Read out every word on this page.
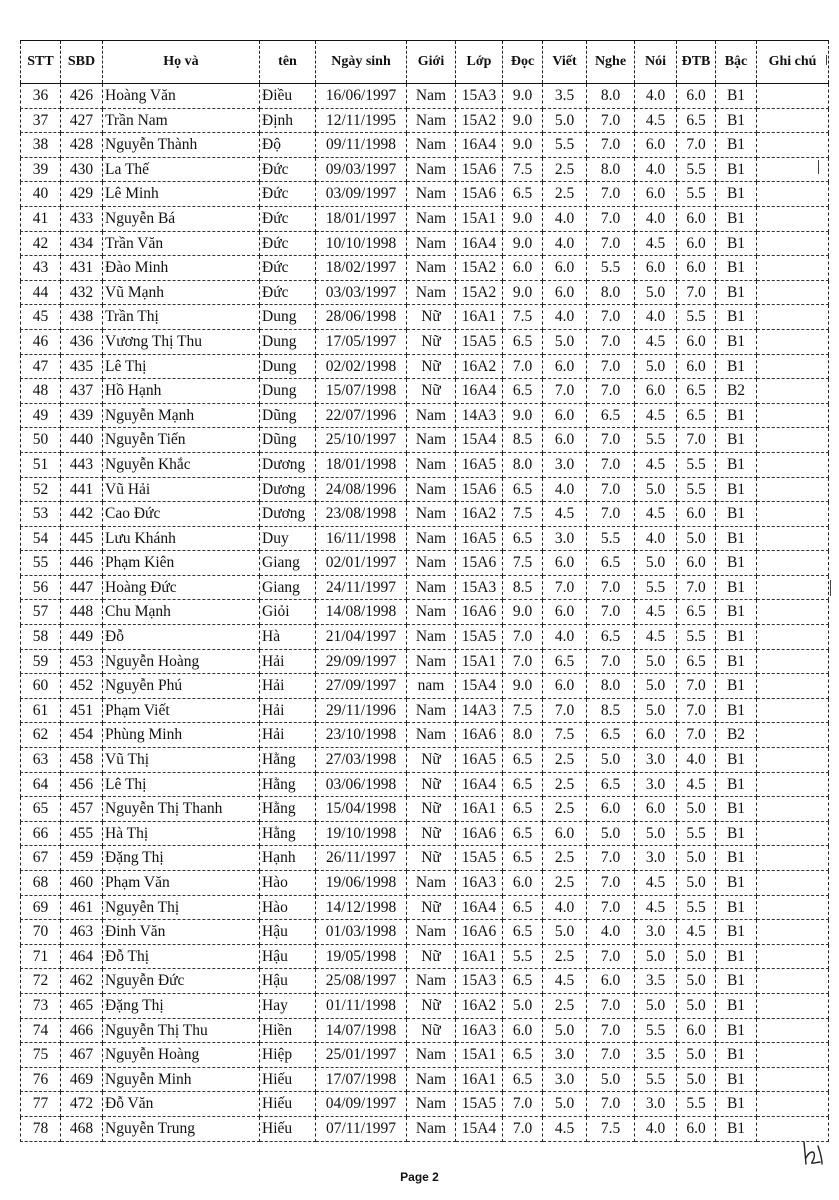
STT	SBD	Họ và	tên	Ngày sinh	Giới	Lớp	Đọc	Viết	Nghe	Nói	ĐTB	Bậc	Ghi chú
36	426	Hoàng Văn	Điều	16/06/1997	Nam	15A3	9.0	3.5	8.0	4.0	6.0	B1	
37	427	Trần Nam	Định	12/11/1995	Nam	15A2	9.0	5.0	7.0	4.5	6.5	B1	
38	428	Nguyễn Thành	Độ	09/11/1998	Nam	16A4	9.0	5.5	7.0	6.0	7.0	B1	
39	430	La Thế	Đức	09/03/1997	Nam	15A6	7.5	2.5	8.0	4.0	5.5	B1	
40	429	Lê Minh	Đức	03/09/1997	Nam	15A6	6.5	2.5	7.0	6.0	5.5	B1	
41	433	Nguyễn Bá	Đức	18/01/1997	Nam	15A1	9.0	4.0	7.0	4.0	6.0	B1	
42	434	Trần Văn	Đức	10/10/1998	Nam	16A4	9.0	4.0	7.0	4.5	6.0	B1	
43	431	Đào Minh	Đức	18/02/1997	Nam	15A2	6.0	6.0	5.5	6.0	6.0	B1	
44	432	Vũ Mạnh	Đức	03/03/1997	Nam	15A2	9.0	6.0	8.0	5.0	7.0	B1	
45	438	Trần Thị	Dung	28/06/1998	Nữ	16A1	7.5	4.0	7.0	4.0	5.5	B1	
46	436	Vương Thị Thu	Dung	17/05/1997	Nữ	15A5	6.5	5.0	7.0	4.5	6.0	B1	
47	435	Lê Thị	Dung	02/02/1998	Nữ	16A2	7.0	6.0	7.0	5.0	6.0	B1	
48	437	Hồ Hạnh	Dung	15/07/1998	Nữ	16A4	6.5	7.0	7.0	6.0	6.5	B2	
49	439	Nguyễn Mạnh	Dũng	22/07/1996	Nam	14A3	9.0	6.0	6.5	4.5	6.5	B1	
50	440	Nguyễn Tiến	Dũng	25/10/1997	Nam	15A4	8.5	6.0	7.0	5.5	7.0	B1	
51	443	Nguyễn Khắc	Dương	18/01/1998	Nam	16A5	8.0	3.0	7.0	4.5	5.5	B1	
52	441	Vũ Hải	Dương	24/08/1996	Nam	15A6	6.5	4.0	7.0	5.0	5.5	B1	
53	442	Cao Đức	Dương	23/08/1998	Nam	16A2	7.5	4.5	7.0	4.5	6.0	B1	
54	445	Lưu Khánh	Duy	16/11/1998	Nam	16A5	6.5	3.0	5.5	4.0	5.0	B1	
55	446	Phạm Kiên	Giang	02/01/1997	Nam	15A6	7.5	6.0	6.5	5.0	6.0	B1	
56	447	Hoàng Đức	Giang	24/11/1997	Nam	15A3	8.5	7.0	7.0	5.5	7.0	B1	
57	448	Chu Mạnh	Giỏi	14/08/1998	Nam	16A6	9.0	6.0	7.0	4.5	6.5	B1	
58	449	Đỗ	Hà	21/04/1997	Nam	15A5	7.0	4.0	6.5	4.5	5.5	B1	
59	453	Nguyễn Hoàng	Hải	29/09/1997	Nam	15A1	7.0	6.5	7.0	5.0	6.5	B1	
60	452	Nguyễn Phú	Hải	27/09/1997	nam	15A4	9.0	6.0	8.0	5.0	7.0	B1	
61	451	Phạm Viết	Hải	29/11/1996	Nam	14A3	7.5	7.0	8.5	5.0	7.0	B1	
62	454	Phùng Minh	Hải	23/10/1998	Nam	16A6	8.0	7.5	6.5	6.0	7.0	B2	
63	458	Vũ Thị	Hằng	27/03/1998	Nữ	16A5	6.5	2.5	5.0	3.0	4.0	B1	
64	456	Lê Thị	Hằng	03/06/1998	Nữ	16A4	6.5	2.5	6.5	3.0	4.5	B1	
65	457	Nguyễn Thị Thanh	Hằng	15/04/1998	Nữ	16A1	6.5	2.5	6.0	6.0	5.0	B1	
66	455	Hà Thị	Hằng	19/10/1998	Nữ	16A6	6.5	6.0	5.0	5.0	5.5	B1	
67	459	Đặng Thị	Hạnh	26/11/1997	Nữ	15A5	6.5	2.5	7.0	3.0	5.0	B1	
68	460	Phạm Văn	Hào	19/06/1998	Nam	16A3	6.0	2.5	7.0	4.5	5.0	B1	
69	461	Nguyễn Thị	Hào	14/12/1998	Nữ	16A4	6.5	4.0	7.0	4.5	5.5	B1	
70	463	Đinh Văn	Hậu	01/03/1998	Nam	16A6	6.5	5.0	4.0	3.0	4.5	B1	
71	464	Đỗ Thị	Hậu	19/05/1998	Nữ	16A1	5.5	2.5	7.0	5.0	5.0	B1	
72	462	Nguyễn Đức	Hậu	25/08/1997	Nam	15A3	6.5	4.5	6.0	3.5	5.0	B1	
73	465	Đặng Thị	Hay	01/11/1998	Nữ	16A2	5.0	2.5	7.0	5.0	5.0	B1	
74	466	Nguyễn Thị Thu	Hiền	14/07/1998	Nữ	16A3	6.0	5.0	7.0	5.5	6.0	B1	
75	467	Nguyễn Hoàng	Hiệp	25/01/1997	Nam	15A1	6.5	3.0	7.0	3.5	5.0	B1	
76	469	Nguyễn Minh	Hiếu	17/07/1998	Nam	16A1	6.5	3.0	5.0	5.5	5.0	B1	
77	472	Đỗ Văn	Hiếu	04/09/1997	Nam	15A5	7.0	5.0	7.0	3.0	5.5	B1	
78	468	Nguyễn Trung	Hiếu	07/11/1997	Nam	15A4	7.0	4.5	7.5	4.0	6.0	B1	
Page 2
